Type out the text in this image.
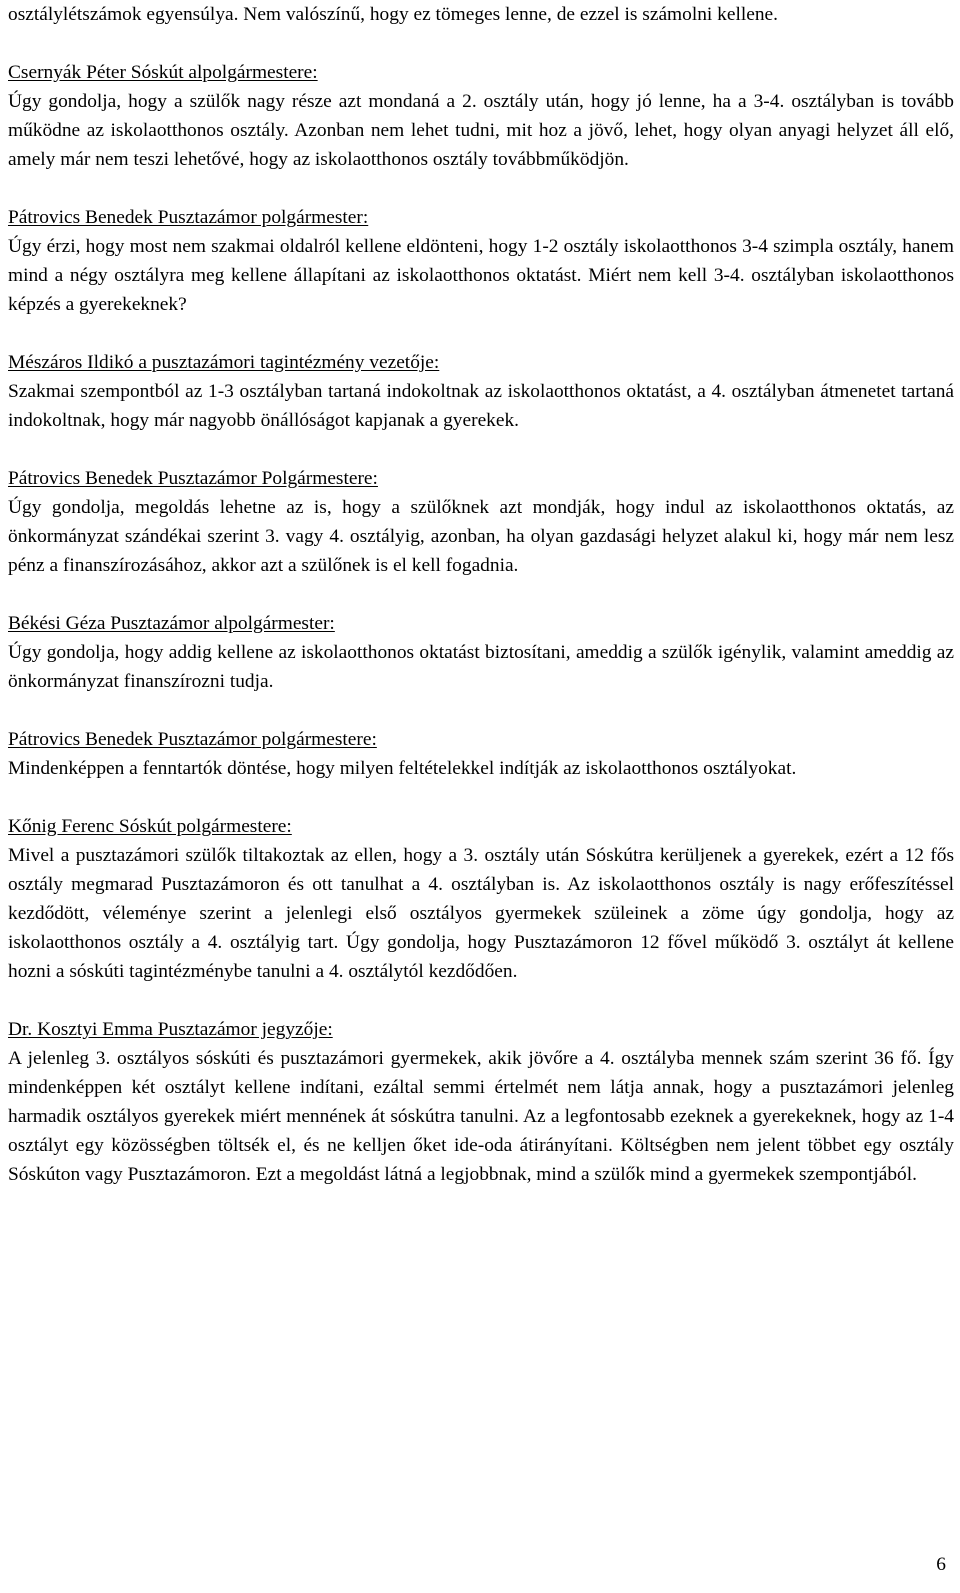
osztálylétszámok egyensúlya. Nem valószínű, hogy ez tömeges lenne, de ezzel is számolni kellene.

Csernyák Péter Sóskút alpolgármestere:

Úgy gondolja, hogy a szülők nagy része azt mondaná a 2. osztály után, hogy jó lenne, ha a 3-4. osztályban is tovább működne az iskolaotthonos osztály. Azonban nem lehet tudni, mit hoz a jövő, lehet, hogy olyan anyagi helyzet áll elő, amely már nem teszi lehetővé, hogy az iskolaotthonos osztály továbbműködjön.

Pátrovics Benedek Pusztazámor polgármester:

Úgy érzi, hogy most nem szakmai oldalról kellene eldönteni, hogy 1-2 osztály iskolaotthonos 3-4 szimpla osztály, hanem mind a négy osztályra meg kellene állapítani az iskolaotthonos oktatást. Miért nem kell 3-4. osztályban iskolaotthonos képzés a gyerekeknek?

Mészáros Ildikó a pusztazámori tagintézmény vezetője:

Szakmai szempontból az 1-3 osztályban tartaná indokoltnak az iskolaotthonos oktatást, a 4. osztályban átmenetet tartaná indokoltnak, hogy már nagyobb önállóságot kapjanak a gyerekek.

Pátrovics Benedek Pusztazámor Polgármestere:

Úgy gondolja, megoldás lehetne az is, hogy a szülőknek azt mondják, hogy indul az iskolaotthonos oktatás, az önkormányzat szándékai szerint 3. vagy 4. osztályig, azonban, ha olyan gazdasági helyzet alakul ki, hogy már nem lesz pénz a finanszírozásához, akkor azt a szülőnek is el kell fogadnia.

Békési Géza Pusztazámor alpolgármester:

Úgy gondolja, hogy addig kellene az iskolaotthonos oktatást biztosítani, ameddig a szülők igénylik, valamint ameddig az önkormányzat finanszírozni tudja.

Pátrovics Benedek Pusztazámor polgármestere:

Mindenképpen a fenntartók döntése, hogy milyen feltételekkel indítják az iskolaotthonos osztályokat.

Kőnig Ferenc Sóskút polgármestere:

Mivel a pusztazámori szülők tiltakoztak az ellen, hogy a 3. osztály után Sóskútra kerüljenek a gyerekek, ezért a 12 fős osztály megmarad Pusztazámoron és ott tanulhat a 4. osztályban is. Az iskolaotthonos osztály is nagy erőfeszítéssel kezdődött, véleménye szerint a jelenlegi első osztályos gyermekek szüleinek a zöme úgy gondolja, hogy az iskolaotthonos osztály a 4. osztályig tart. Úgy gondolja, hogy Pusztazámoron 12 fővel működő 3. osztályt át kellene hozni a sóskúti tagintézménybe tanulni a 4. osztálytól kezdődően.

Dr. Kosztyi Emma Pusztazámor jegyzője:

A jelenleg 3. osztályos sóskúti és pusztazámori gyermekek, akik jövőre a 4. osztályba mennek szám szerint 36 fő. Így mindenképpen két osztályt kellene indítani, ezáltal semmi értelmét nem látja annak, hogy a pusztazámori jelenleg harmadik osztályos gyerekek miért mennének át sóskútra tanulni. Az a legfontosabb ezeknek a gyerekeknek, hogy az 1-4 osztályt egy közösségben töltsék el, és ne kelljen őket ide-oda átirányítani. Költségben nem jelent többet egy osztály Sóskúton vagy Pusztazámoron. Ezt a megoldást látná a legjobbnak, mind a szülők mind a gyermekek szempontjából.

6
